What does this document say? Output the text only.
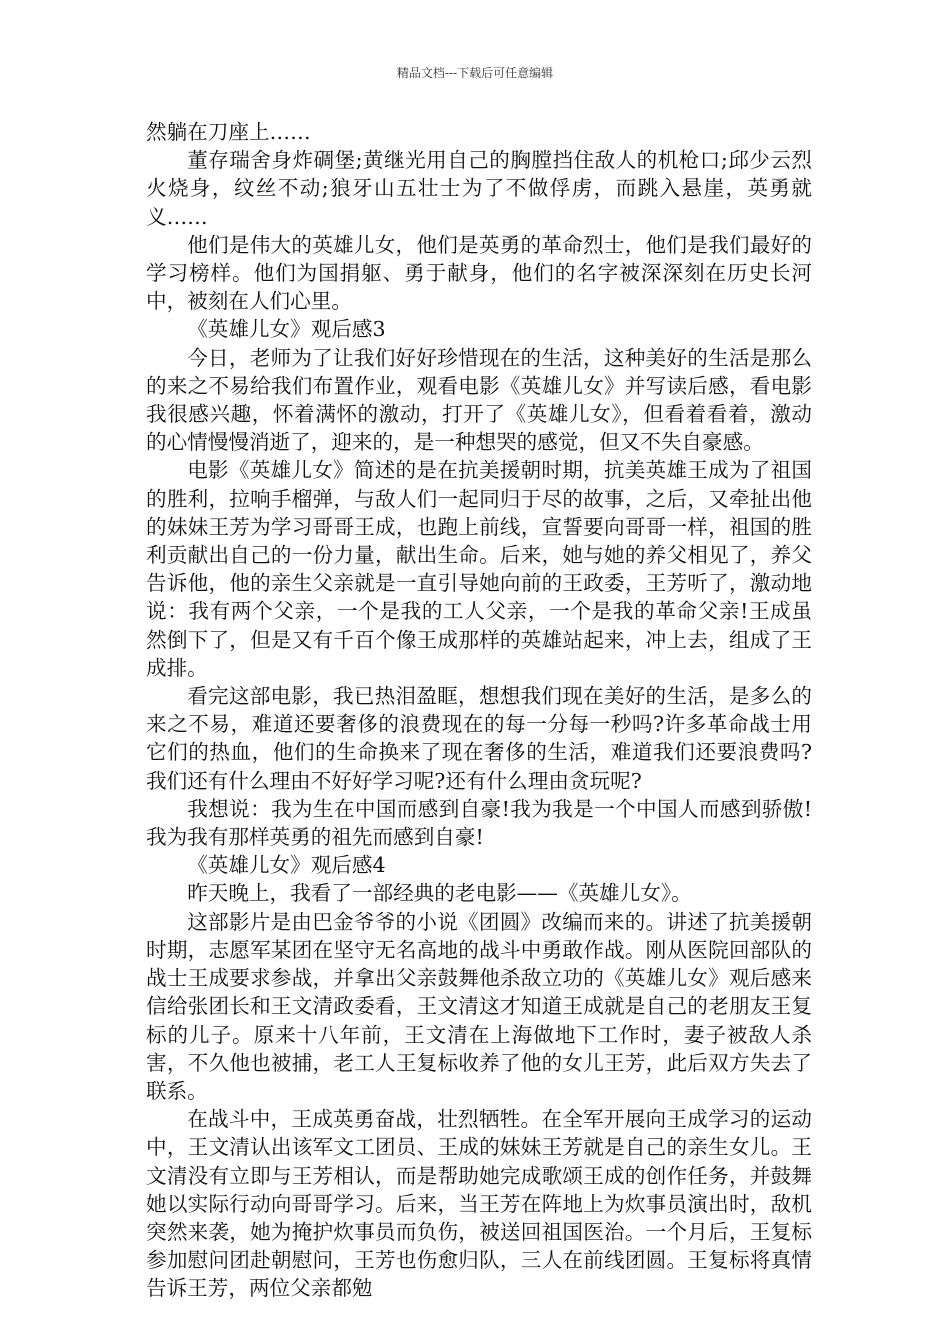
精品文档---下载后可任意编辑

然躺在刀座上……

董存瑞舍身炸碉堡;黄继光用自己的胸膛挡住敌人的机枪口;邱少云烈火烧身，纹丝不动;狼牙山五壮士为了不做俘虏，而跳入悬崖，英勇就义……

他们是伟大的英雄儿女，他们是英勇的革命烈士，他们是我们最好的学习榜样。他们为国捐躯、勇于献身，他们的名字被深深刻在历史长河中，被刻在人们心里。

《英雄儿女》观后感3

今日，老师为了让我们好好珍惜现在的生活，这种美好的生活是那么的来之不易给我们布置作业，观看电影《英雄儿女》并写读后感，看电影我很感兴趣，怀着满怀的激动，打开了《英雄儿女》，但看着看着，激动的心情慢慢消逝了，迎来的，是一种想哭的感觉，但又不失自豪感。

电影《英雄儿女》简述的是在抗美援朝时期，抗美英雄王成为了祖国的胜利，拉响手榴弹，与敌人们一起同归于尽的故事，之后，又牵扯出他的妹妹王芳为学习哥哥王成，也跑上前线，宣誓要向哥哥一样，祖国的胜利贡献出自己的一份力量，献出生命。后来，她与她的养父相见了，养父告诉他，他的亲生父亲就是一直引导她向前的王政委，王芳听了，激动地说：我有两个父亲，一个是我的工人父亲，一个是我的革命父亲!王成虽然倒下了，但是又有千百个像王成那样的英雄站起来，冲上去，组成了王成排。

看完这部电影，我已热泪盈眶，想想我们现在美好的生活，是多么的来之不易，难道还要奢侈的浪费现在的每一分每一秒吗?许多革命战士用它们的热血，他们的生命换来了现在奢侈的生活，难道我们还要浪费吗?我们还有什么理由不好好学习呢?还有什么理由贪玩呢?

我想说：我为生在中国而感到自豪!我为我是一个中国人而感到骄傲!我为我有那样英勇的祖先而感到自豪!

《英雄儿女》观后感4

昨天晚上，我看了一部经典的老电影——《英雄儿女》。

这部影片是由巴金爷爷的小说《团圆》改编而来的。讲述了抗美援朝时期，志愿军某团在坚守无名高地的战斗中勇敢作战。刚从医院回部队的战士王成要求参战，并拿出父亲鼓舞他杀敌立功的《英雄儿女》观后感来信给张团长和王文清政委看，王文清这才知道王成就是自己的老朋友王复标的儿子。原来十八年前，王文清在上海做地下工作时，妻子被敌人杀害，不久他也被捕，老工人王复标收养了他的女儿王芳，此后双方失去了联系。

在战斗中，王成英勇奋战，壮烈牺牲。在全军开展向王成学习的运动中，王文清认出该军文工团员、王成的妹妹王芳就是自己的亲生女儿。王文清没有立即与王芳相认，而是帮助她完成歌颂王成的创作任务，并鼓舞她以实际行动向哥哥学习。后来，当王芳在阵地上为炊事员演出时，敌机突然来袭，她为掩护炊事员而负伤，被送回祖国医治。一个月后，王复标参加慰问团赴朝慰问，王芳也伤愈归队，三人在前线团圆。王复标将真情告诉王芳，两位父亲都勉
